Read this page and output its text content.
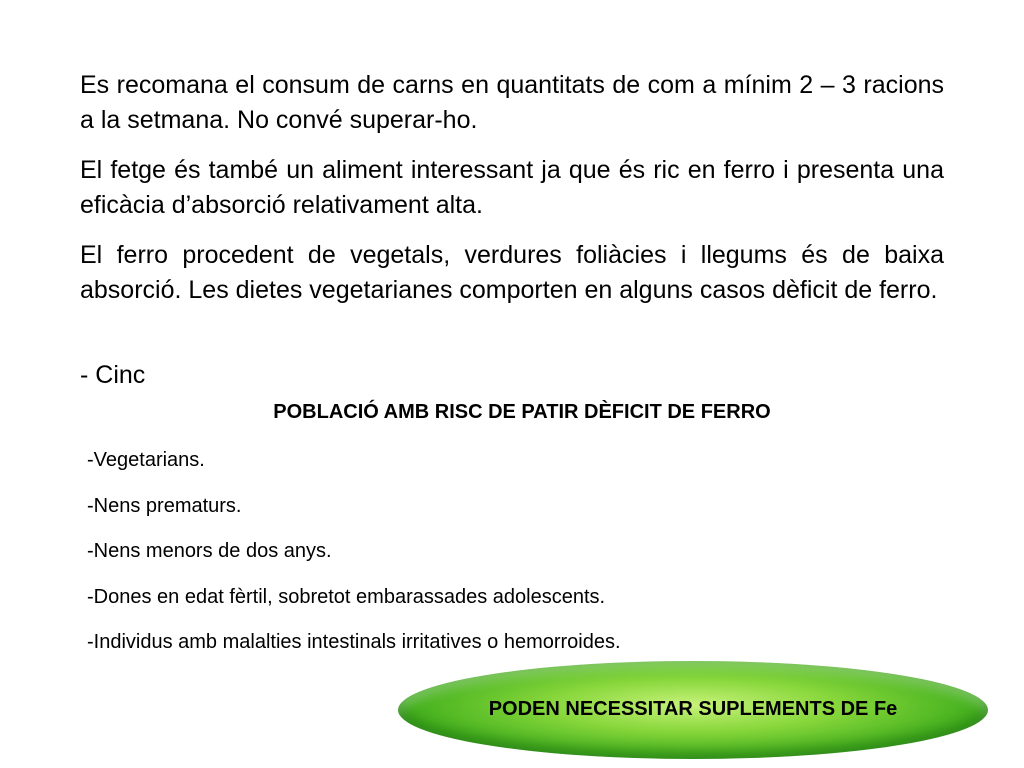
Es recomana el consum de carns en quantitats de com a mínim 2 – 3 racions a la setmana. No convé superar-ho.

El fetge és també un aliment interessant ja que és ric en ferro i presenta una eficàcia d’absorció relativament alta.

El ferro procedent de vegetals, verdures foliàcies i llegums és de baixa absorció. Les dietes vegetarianes comporten en alguns casos dèficit de ferro.

- Cinc

POBLACIÓ AMB RISC DE PATIR DÈFICIT DE FERRO

-Vegetarians.
-Nens prematurs.
-Nens menors de dos anys.
-Dones en edat fèrtil, sobretot embarassades adolescents.
-Individus amb malalties intestinals irritatives o hemorroides.
PODEN NECESSITAR SUPLEMENTS DE Fe
